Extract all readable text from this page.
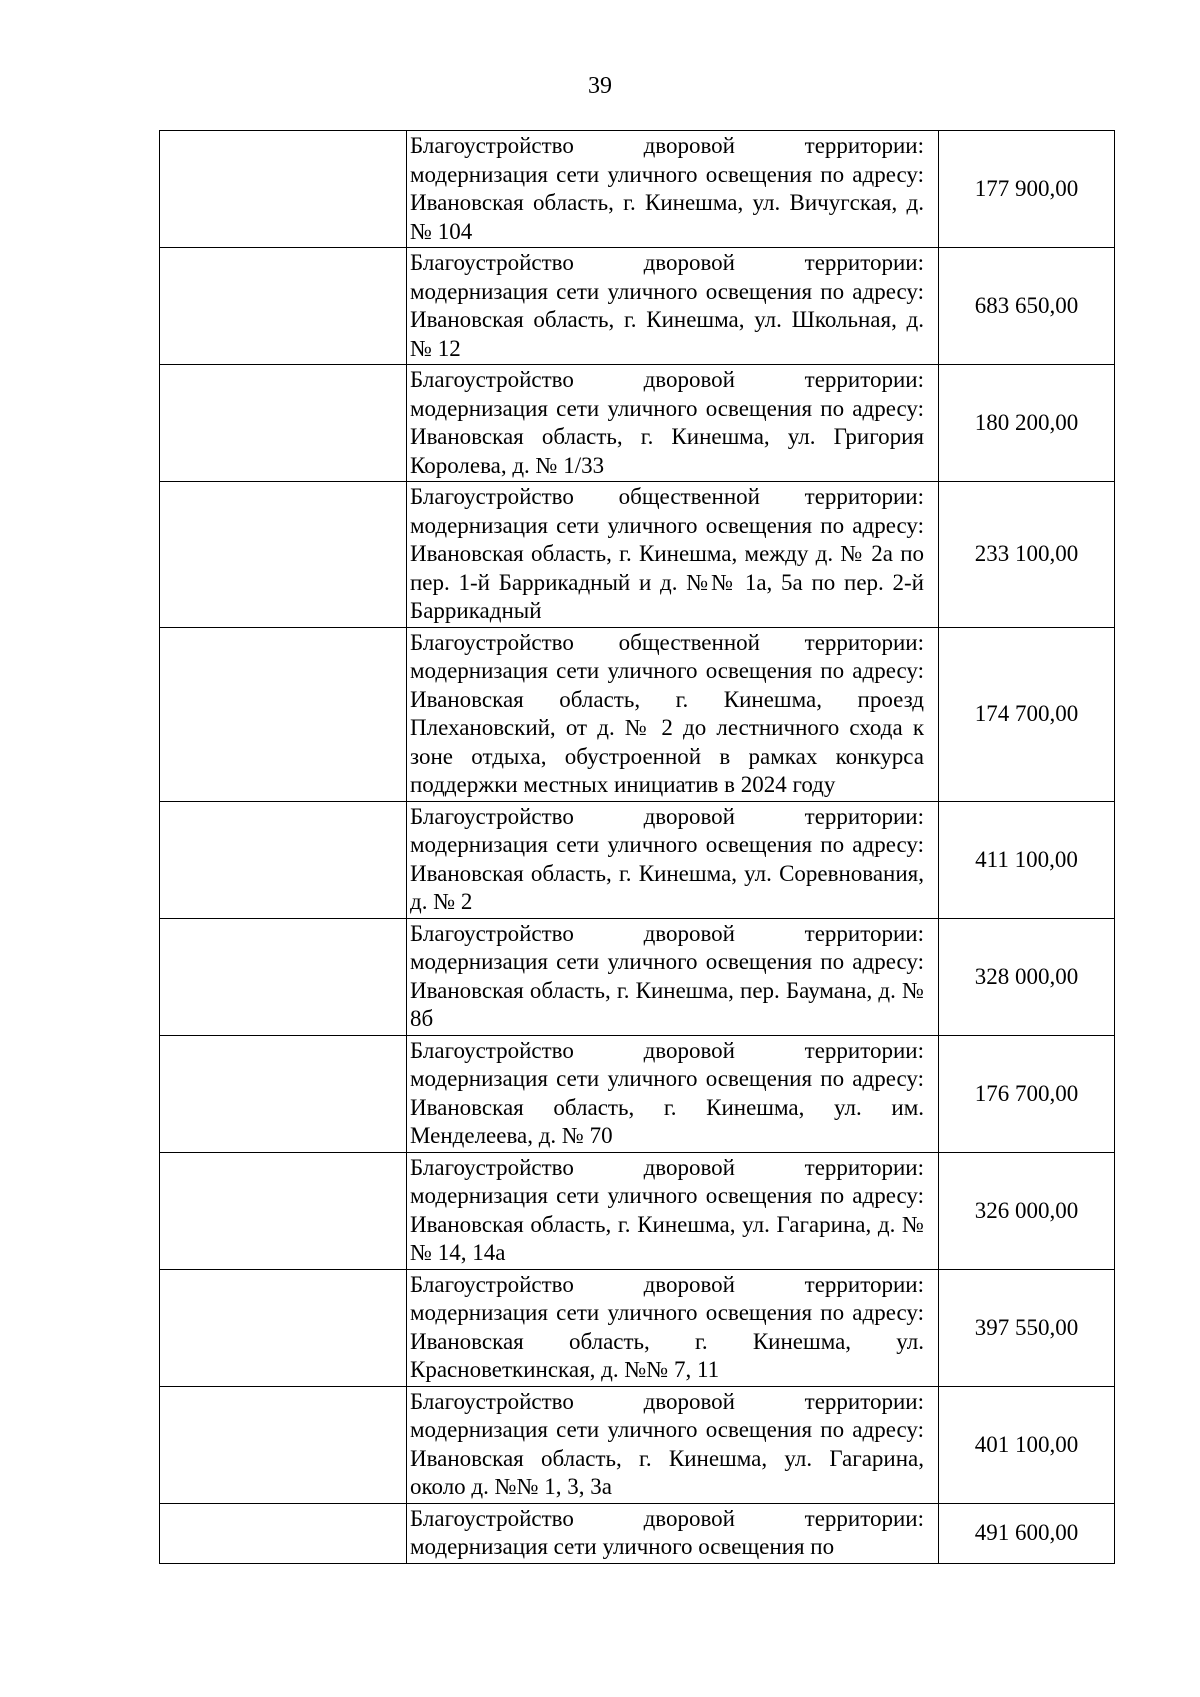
39

	Благоустройство дворовой территории: модернизация сети уличного освещения по адресу: Ивановская область, г. Кинешма, ул. Вичугская, д. № 104	177 900,00

	Благоустройство дворовой территории: модернизация сети уличного освещения по адресу: Ивановская область, г. Кинешма, ул. Школьная, д. № 12	683 650,00

	Благоустройство дворовой территории: модернизация сети уличного освещения по адресу: Ивановская область, г. Кинешма, ул. Григория Королева, д. № 1/33	180 200,00

	Благоустройство общественной территории: модернизация сети уличного освещения по адресу: Ивановская область, г. Кинешма, между д. № 2а по пер. 1-й Баррикадный и д. №№ 1а, 5а по пер. 2-й Баррикадный	233 100,00

	Благоустройство общественной территории: модернизация сети уличного освещения по адресу: Ивановская область, г. Кинешма, проезд Плехановский, от д. № 2 до лестничного схода к зоне отдыха, обустроенной в рамках конкурса поддержки местных инициатив в 2024 году	174 700,00

	Благоустройство дворовой территории: модернизация сети уличного освещения по адресу: Ивановская область, г. Кинешма, ул. Соревнования, д. № 2	411 100,00

	Благоустройство дворовой территории: модернизация сети уличного освещения по адресу: Ивановская область, г. Кинешма, пер. Баумана, д. № 8б	328 000,00

	Благоустройство дворовой территории: модернизация сети уличного освещения по адресу: Ивановская область, г. Кинешма, ул. им. Менделеева, д. № 70	176 700,00

	Благоустройство дворовой территории: модернизация сети уличного освещения по адресу: Ивановская область, г. Кинешма, ул. Гагарина, д. №№ 14, 14а	326 000,00

	Благоустройство дворовой территории: модернизация сети уличного освещения по адресу: Ивановская область, г. Кинешма, ул. Красноветкинская, д. №№ 7, 11	397 550,00

	Благоустройство дворовой территории: модернизация сети уличного освещения по адресу: Ивановская область, г. Кинешма, ул. Гагарина, около д. №№ 1, 3, 3а	401 100,00

	Благоустройство дворовой территории: модернизация сети уличного освещения по	491 600,00
